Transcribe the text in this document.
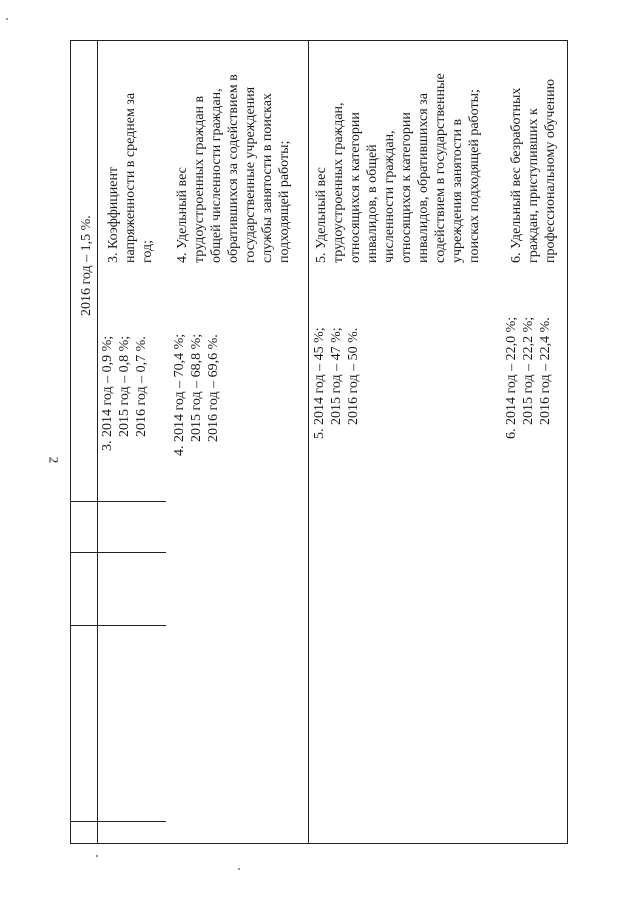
2
2016 год – 1,5 %.
3. 2014 год – 0,9 %; 2015 год – 0,8 %; 2016 год – 0,7 %.
3. Коэффициент напряженности в среднем за год;
4. 2014 год – 70,4 %; 2015 год – 68,8 %; 2016 год – 69,6 %.
4. Удельный вес трудоустроенных граждан в общей численности граждан, обратившихся за содействием в государственные учреждения службы занятости в поисках подходящей работы;
5. 2014 год – 45 %; 2015 год – 47 %; 2016 год – 50 %.
5. Удельный вес трудоустроенных граждан, относящихся к категории инвалидов, в общей численности граждан, относящихся к категории инвалидов, обратившихся за содействием в государственные учреждения занятости в поисках подходящей работы;
6. 2014 год – 22,0 %; 2015 год – 22,2 %; 2016 год – 22,4 %.
6. Удельный вес безработных граждан, приступивших к профессиональному обучению
